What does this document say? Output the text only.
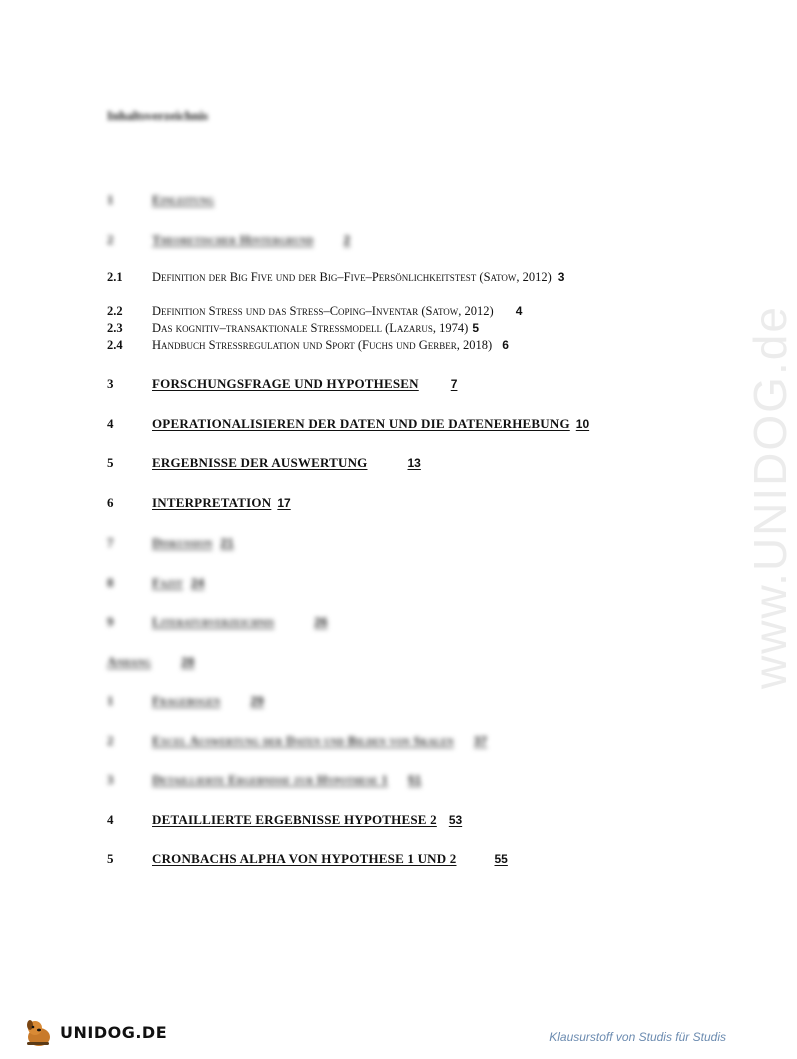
www.UNIDOG.de
Inhaltsverzeichnis
1	Einleitung
2	Theoretischer Hintergrund	2
2.1 Definition der Big Five und der Big–Five–Persönlichkeitstest (Satow, 2012) 3
2.2 Definition Stress und das Stress–Coping–Inventar (Satow, 2012) 4
2.3 Das kognitiv–transaktionale Stressmodell (Lazarus, 1974) 5
2.4 Handbuch Stressregulation und Sport (Fuchs und Gerber, 2018) 6
3	FORSCHUNGSFRAGE UND HYPOTHESEN	7
4	OPERATIONALISIEREN DER DATEN UND DIE DATENERHEBUNG 10
5	ERGEBNISSE DER AUSWERTUNG	13
6	INTERPRETATION 17
7	Diskussion 21
8	Fazit 24
9	Literaturverzeichnis	26
Anhang	28
1	Fragebogen	29
2	Excel Auswertung der Daten und Bilden von Skalen 37
3	Detaillierte Ergebnisse zur Hypothese 1 51
4	DETAILLIERTE ERGEBNISSE HYPOTHESE 2 53
5	CRONBACHS ALPHA VON HYPOTHESE 1 UND 2	55
UNIDOG.DE	Klausurstoff von Studis für Studis
